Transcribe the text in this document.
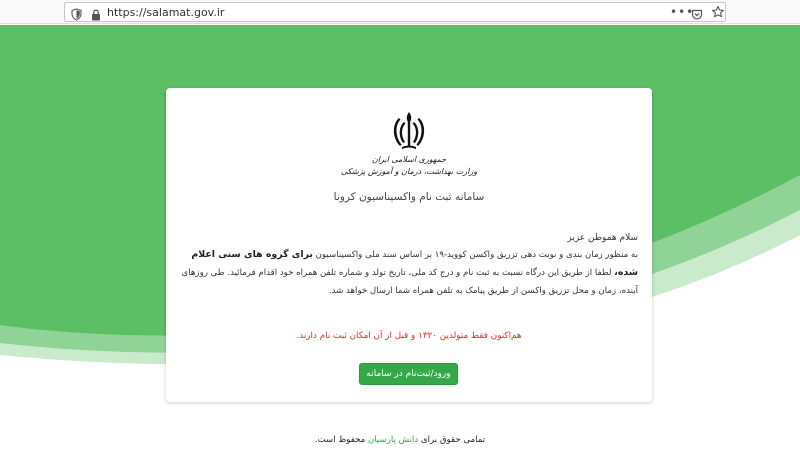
https://salamat.gov.ir	•••
جمهوری اسلامی ایران
وزارت بهداشت، درمان و آموزش پزشکی
سامانه ثبت نام واکسیناسیون کرونا
سلام هموطن عزیز
به منظور زمان بندی و نوبت دهی تزریق واکسن کووید-۱۹ بر اساس سند ملی واکسیناسیون برای گروه های سنی اعلام شده، لطفا از طریق این درگاه نسبت به ثبت نام و درج کد ملی، تاریخ تولد و شماره تلفن همراه خود اقدام فرمائید. طی روزهای آینده، زمان و محل تزریق واکسن از طریق پیامک به تلفن همراه شما ارسال خواهد شد.
هم‌اکنون فقط متولدین ۱۳۲۰ و قبل از آن امکان ثبت نام دارند.
ورود/ثبت‌نام در سامانه
تمامی حقوق برای دانش پارسیان محفوظ است.
